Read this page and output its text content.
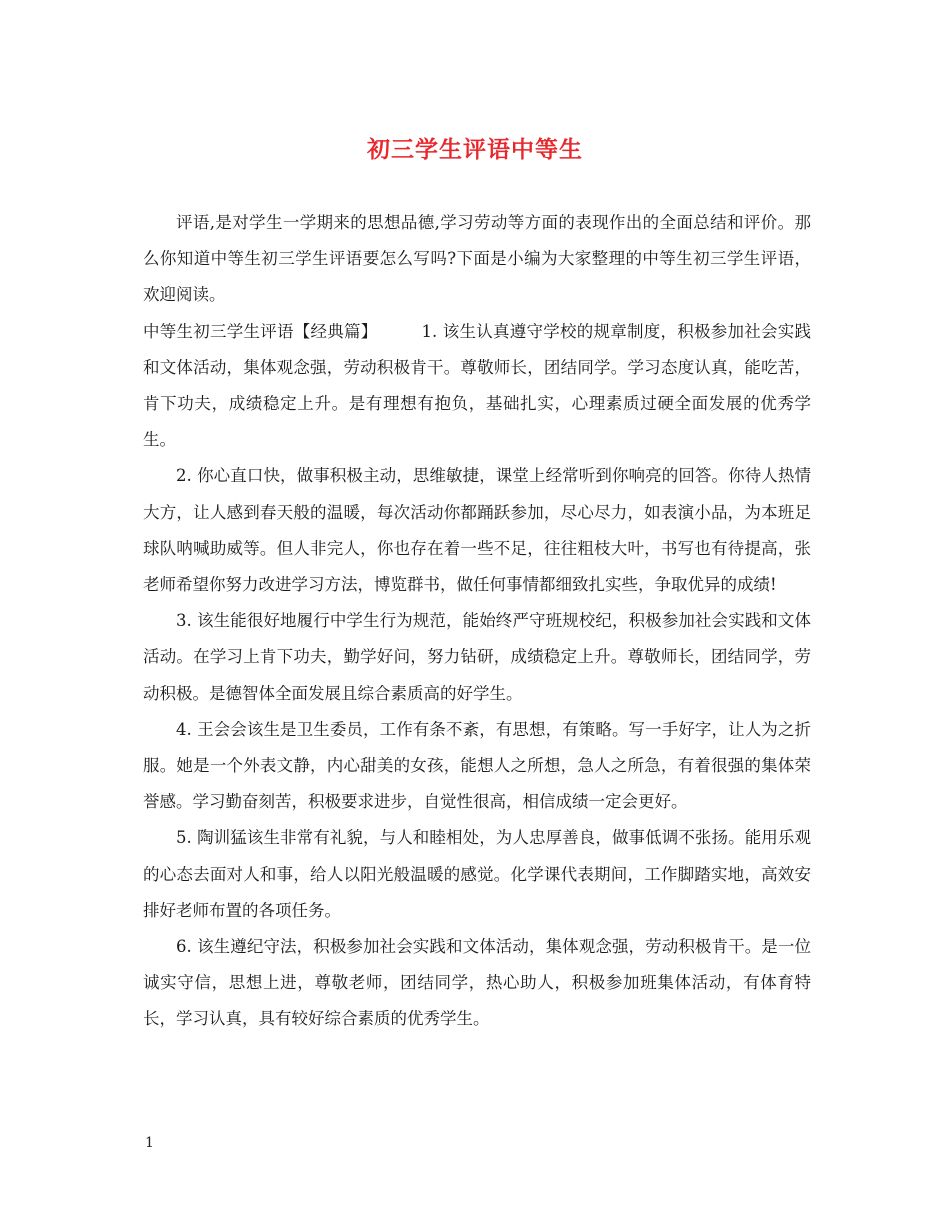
初三学生评语中等生

评语,是对学生一学期来的思想品德,学习劳动等方面的表现作出的全面总结和评价。那么你知道中等生初三学生评语要怎么写吗?下面是小编为大家整理的中等生初三学生评语，欢迎阅读。

中等生初三学生评语【经典篇】	1. 该生认真遵守学校的规章制度，积极参加社会实践和文体活动，集体观念强，劳动积极肯干。尊敬师长，团结同学。学习态度认真，能吃苦，肯下功夫，成绩稳定上升。是有理想有抱负，基础扎实，心理素质过硬全面发展的优秀学生。

2. 你心直口快，做事积极主动，思维敏捷，课堂上经常听到你响亮的回答。你待人热情大方，让人感到春天般的温暖，每次活动你都踊跃参加，尽心尽力，如表演小品，为本班足球队呐喊助威等。但人非完人，你也存在着一些不足，往往粗枝大叶，书写也有待提高，张老师希望你努力改进学习方法，博览群书，做任何事情都细致扎实些，争取优异的成绩!

3. 该生能很好地履行中学生行为规范，能始终严守班规校纪，积极参加社会实践和文体活动。在学习上肯下功夫，勤学好问，努力钻研，成绩稳定上升。尊敬师长，团结同学，劳动积极。是德智体全面发展且综合素质高的好学生。

4. 王会会该生是卫生委员，工作有条不紊，有思想，有策略。写一手好字，让人为之折服。她是一个外表文静，内心甜美的女孩，能想人之所想，急人之所急，有着很强的集体荣誉感。学习勤奋刻苦，积极要求进步，自觉性很高，相信成绩一定会更好。

5. 陶训猛该生非常有礼貌，与人和睦相处，为人忠厚善良，做事低调不张扬。能用乐观的心态去面对人和事，给人以阳光般温暖的感觉。化学课代表期间，工作脚踏实地，高效安排好老师布置的各项任务。

6. 该生遵纪守法，积极参加社会实践和文体活动，集体观念强，劳动积极肯干。是一位诚实守信，思想上进，尊敬老师，团结同学，热心助人，积极参加班集体活动，有体育特长，学习认真，具有较好综合素质的优秀学生。

1
